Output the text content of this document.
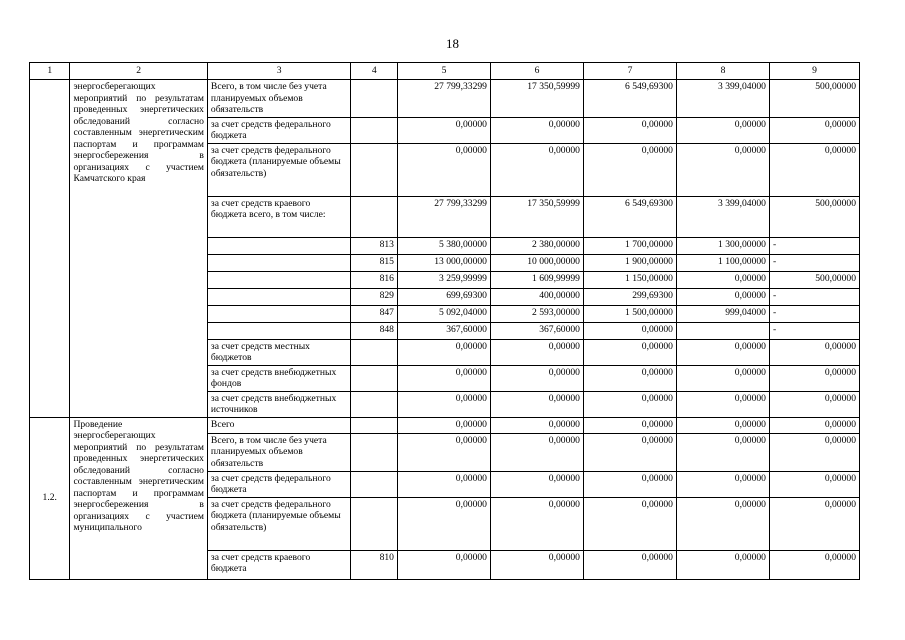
18
1	2	3	4	5	6	7	8	9
	энергосберегающих мероприятий по результатам проведенных энергетических обследований согласно составленным энергетическим паспортам и программам энергосбережения в организациях с участием Камчатского края	Всего, в том числе без учета планируемых объемов обязательств		27 799,33299	17 350,59999	6 549,69300	3 399,04000	500,00000
		за счет средств федерального бюджета		0,00000	0,00000	0,00000	0,00000	0,00000
		за счет средств федерального бюджета (планируемые объемы обязательств)		0,00000	0,00000	0,00000	0,00000	0,00000
		за счет средств краевого бюджета всего, в том числе:		27 799,33299	17 350,59999	6 549,69300	3 399,04000	500,00000
			813	5 380,00000	2 380,00000	1 700,00000	1 300,00000	-
			815	13 000,00000	10 000,00000	1 900,00000	1 100,00000	-
			816	3 259,99999	1 609,99999	1 150,00000	0,00000	500,00000
			829	699,69300	400,00000	299,69300	0,00000	-
			847	5 092,04000	2 593,00000	1 500,00000	999,04000	-
			848	367,60000	367,60000	0,00000		-
		за счет средств местных бюджетов		0,00000	0,00000	0,00000	0,00000	0,00000
		за счет средств внебюджетных фондов		0,00000	0,00000	0,00000	0,00000	0,00000
		за счет средств внебюджетных источников		0,00000	0,00000	0,00000	0,00000	0,00000
1.2.	Проведение энергосберегающих мероприятий по результатам проведенных энергетических обследований согласно составленным энергетическим паспортам и программам энергосбережения в организациях с участием муниципального	Всего		0,00000	0,00000	0,00000	0,00000	0,00000
		Всего, в том числе без учета планируемых объемов обязательств		0,00000	0,00000	0,00000	0,00000	0,00000
		за счет средств федерального бюджета		0,00000	0,00000	0,00000	0,00000	0,00000
		за счет средств федерального бюджета (планируемые объемы обязательств)		0,00000	0,00000	0,00000	0,00000	0,00000
		за счет средств краевого бюджета	810	0,00000	0,00000	0,00000	0,00000	0,00000
